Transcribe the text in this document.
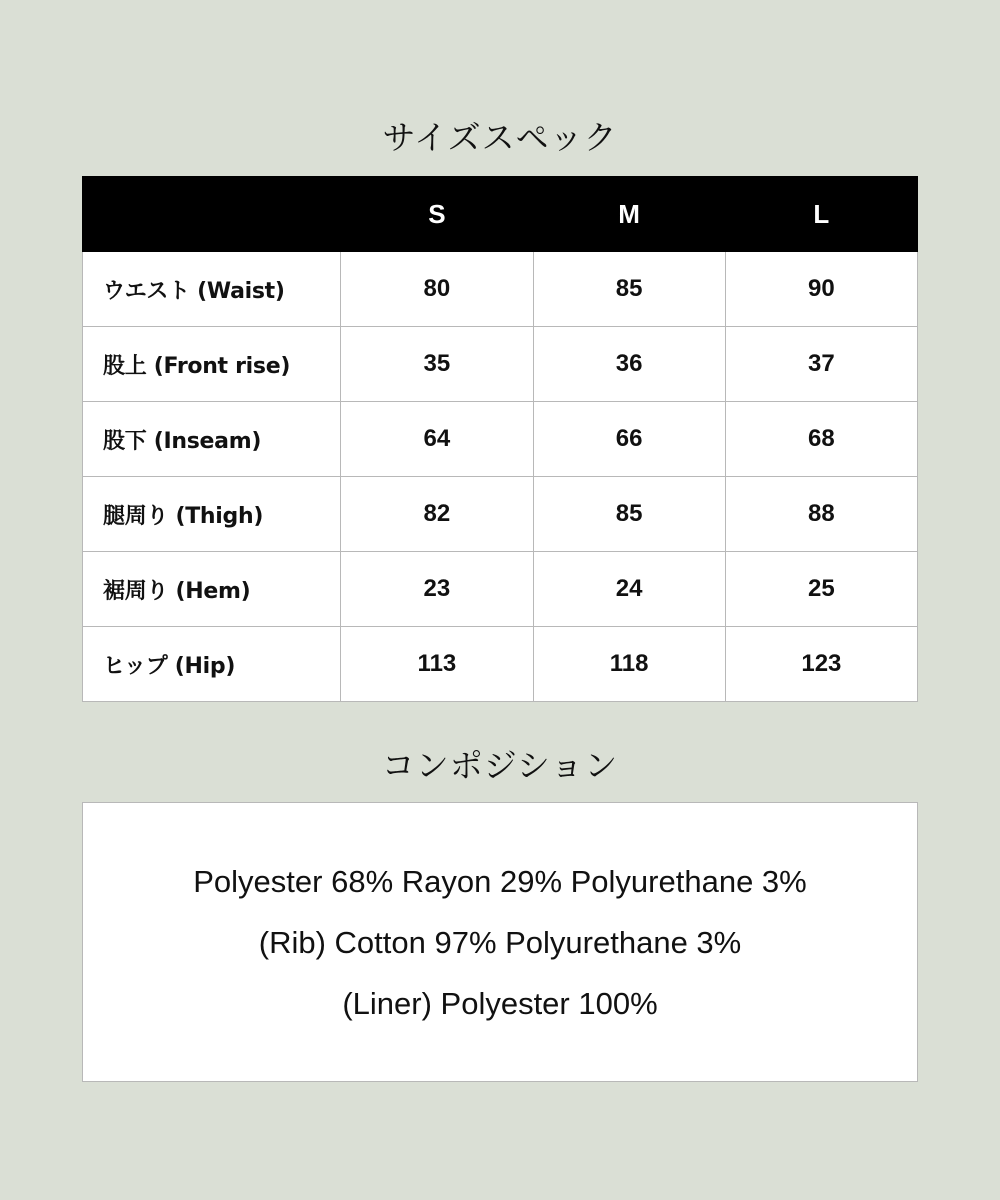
サイズスペック
	S	M	L
ウエスト (Waist)	80	85	90
股上 (Front rise)	35	36	37
股下 (Inseam)	64	66	68
腿周り (Thigh)	82	85	88
裾周り (Hem)	23	24	25
ヒップ (Hip)	113	118	123
コンポジション
Polyester 68% Rayon 29% Polyurethane 3%
(Rib) Cotton 97% Polyurethane 3%
(Liner) Polyester 100%
